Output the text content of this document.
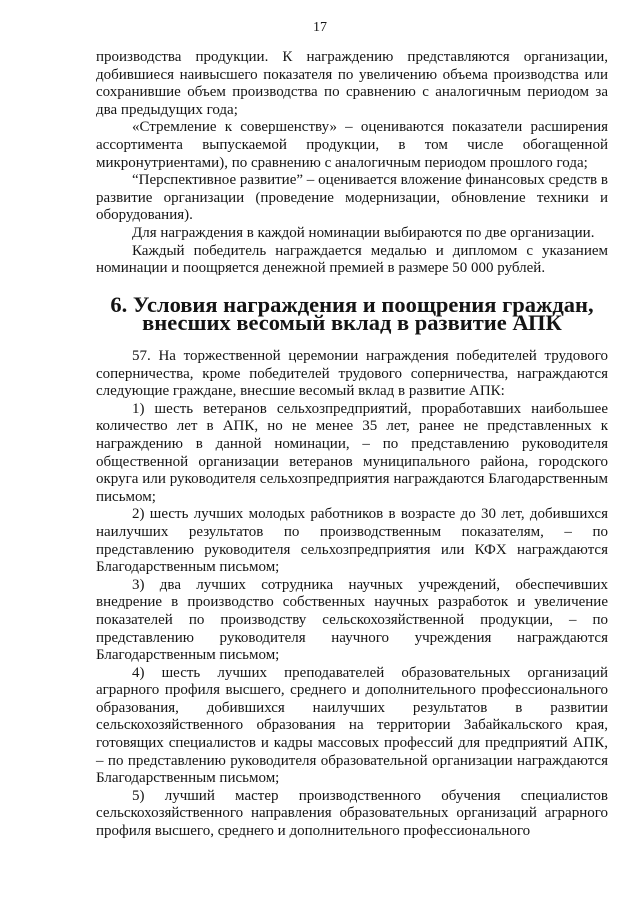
17

производства продукции. К награждению представляются организации, добившиеся наивысшего показателя по увеличению объема производства или сохранившие объем производства по сравнению с аналогичным периодом за два предыдущих года;

«Стремление к совершенству» – оцениваются показатели расширения ассортимента выпускаемой продукции, в том числе обогащенной микронутриентами), по сравнению с аналогичным периодом прошлого года;

“Перспективное развитие” – оценивается вложение финансовых средств в развитие организации (проведение модернизации, обновление техники и оборудования).

Для награждения в каждой номинации выбираются по две организации.

Каждый победитель награждается медалью и дипломом с указанием номинации и поощряется денежной премией в размере 50 000 рублей.

6. Условия награждения и поощрения граждан,
внесших весомый вклад в развитие АПК

57. На торжественной церемонии награждения победителей трудового соперничества, кроме победителей трудового соперничества, награждаются следующие граждане, внесшие весомый вклад в развитие АПК:

1) шесть ветеранов сельхозпредприятий, проработавших наибольшее количество лет в АПК, но не менее 35 лет, ранее не представленных к награждению в данной номинации, – по представлению руководителя общественной организации ветеранов муниципального района, городского округа или руководителя сельхозпредприятия награждаются Благодарственным письмом;

2) шесть лучших молодых работников в возрасте до 30 лет, добившихся наилучших результатов по производственным показателям, – по представлению руководителя сельхозпредприятия или КФХ награждаются Благодарственным письмом;

3) два лучших сотрудника научных учреждений, обеспечивших внедрение в производство собственных научных разработок и увеличение показателей по производству сельскохозяйственной продукции, – по представлению руководителя научного учреждения награждаются Благодарственным письмом;

4) шесть лучших преподавателей образовательных организаций аграрного профиля высшего, среднего и дополнительного профессионального образования, добившихся наилучших результатов в развитии сельскохозяйственного образования на территории Забайкальского края, готовящих специалистов и кадры массовых профессий для предприятий АПК, – по представлению руководителя образовательной организации награждаются Благодарственным письмом;

5) лучший мастер производственного обучения специалистов сельскохозяйственного направления образовательных организаций аграрного профиля высшего, среднего и дополнительного профессионального
